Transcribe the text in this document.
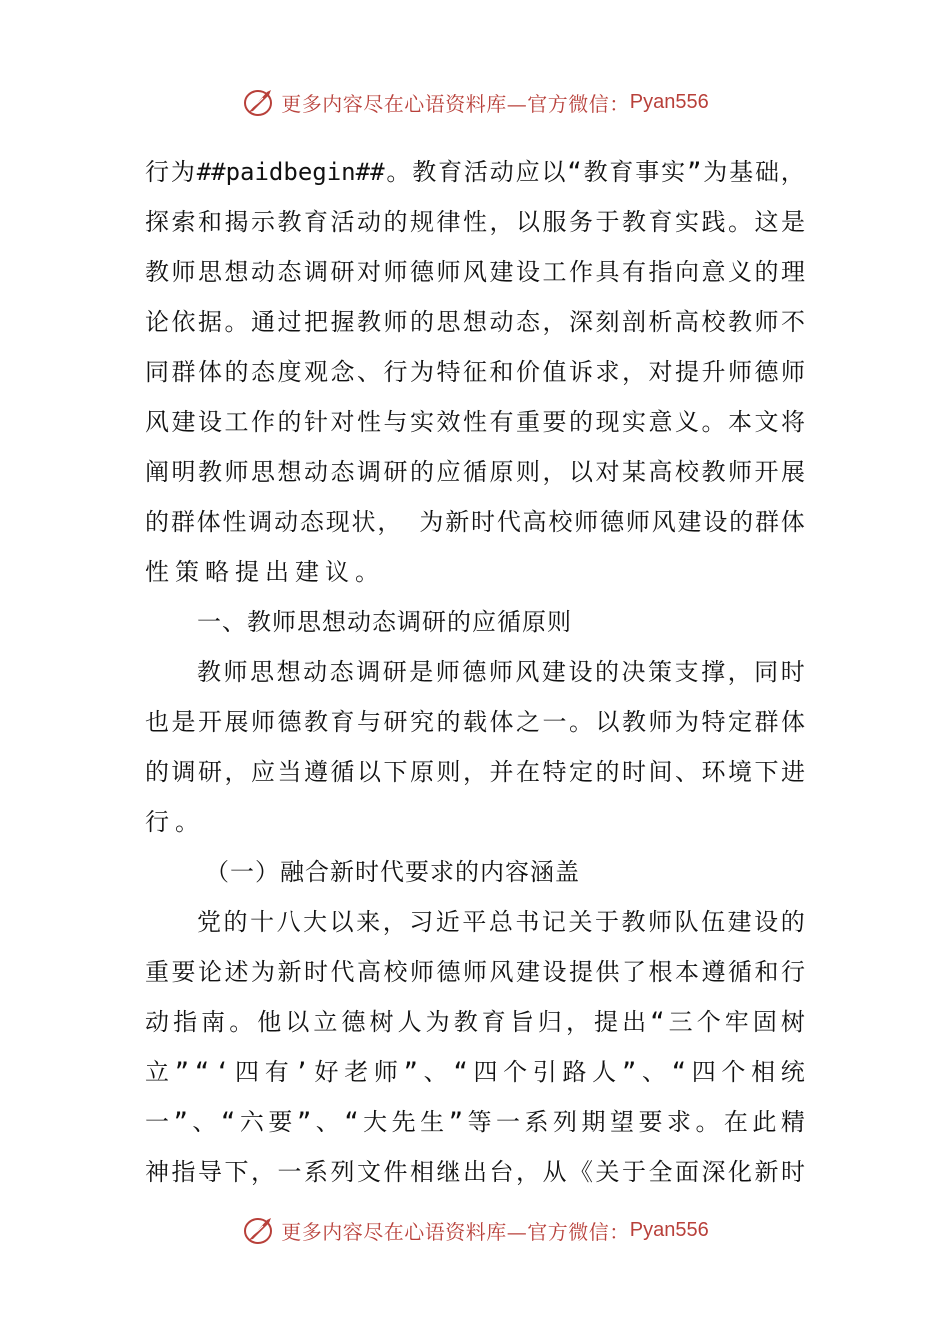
更多内容尽在心语资料库—官方微信： Pyan556
行 为 ##paidbegin## 。 教 育 活 动 应 以 “ 教 育 事 实 ” 为 基 础 ，
探 索 和 揭 示 教 育 活 动 的 规 律 性 ， 以 服 务 于 教 育 实 践 。 这 是
教 师 思 想 动 态 调 研 对 师 德 师 风 建 设 工 作 具 有 指 向 意 义 的 理
论 依 据 。 通 过 把 握 教 师 的 思 想 动 态 ， 深 刻 剖 析 高 校 教 师 不
同 群 体 的 态 度 观 念 、 行 为 特 征 和 价 值 诉 求 ， 对 提 升 师 德 师
风 建 设 工 作 的 针 对 性 与 实 效 性 有 重 要 的 现 实 意 义 。 本 文 将
阐 明 教 师 思 想 动 态 调 研 的 应 循 原 则 ， 以 对 某 高 校 教 师 开 展
的 群 体 性 调 动 态 现 状 ，
为 新 时 代 高 校 师 德 师 风 建 设 的 群 体
性策略提出建议。
一、教师思想动态调研的应循原则
教 师 思 想 动 态 调 研 是 师 德 师 风 建 设 的 决 策 支 撑 ， 同 时
也 是 开 展 师 德 教 育 与 研 究 的 载 体 之 一 。 以 教 师 为 特 定 群 体
的 调 研 ， 应 当 遵 循 以 下 原 则 ， 并 在 特 定 的 时 间 、 环 境 下 进
行。
（一）融合新时代要求的内容涵盖
党 的 十 八 大 以 来 ， 习 近 平 总 书 记 关 于 教 师 队 伍 建 设 的
重 要 论 述 为 新 时 代 高 校 师 德 师 风 建 设 提 供 了 根 本 遵 循 和 行
动 指 南 。 他 以 立 德 树 人 为 教 育 旨 归 ， 提 出 “ 三 个 牢 固 树
立 ” “ ‘ 四 有 ’ 好 老 师 ” 、 “ 四 个 引 路 人 ” 、 “ 四 个 相 统
一 ” 、 “ 六 要 ” 、 “ 大 先 生 ” 等 一 系 列 期 望 要 求 。 在 此 精
神 指 导 下 ， 一 系 列 文 件 相 继 出 台 ， 从 《 关 于 全 面 深 化 新 时
更多内容尽在心语资料库—官方微信： Pyan556
